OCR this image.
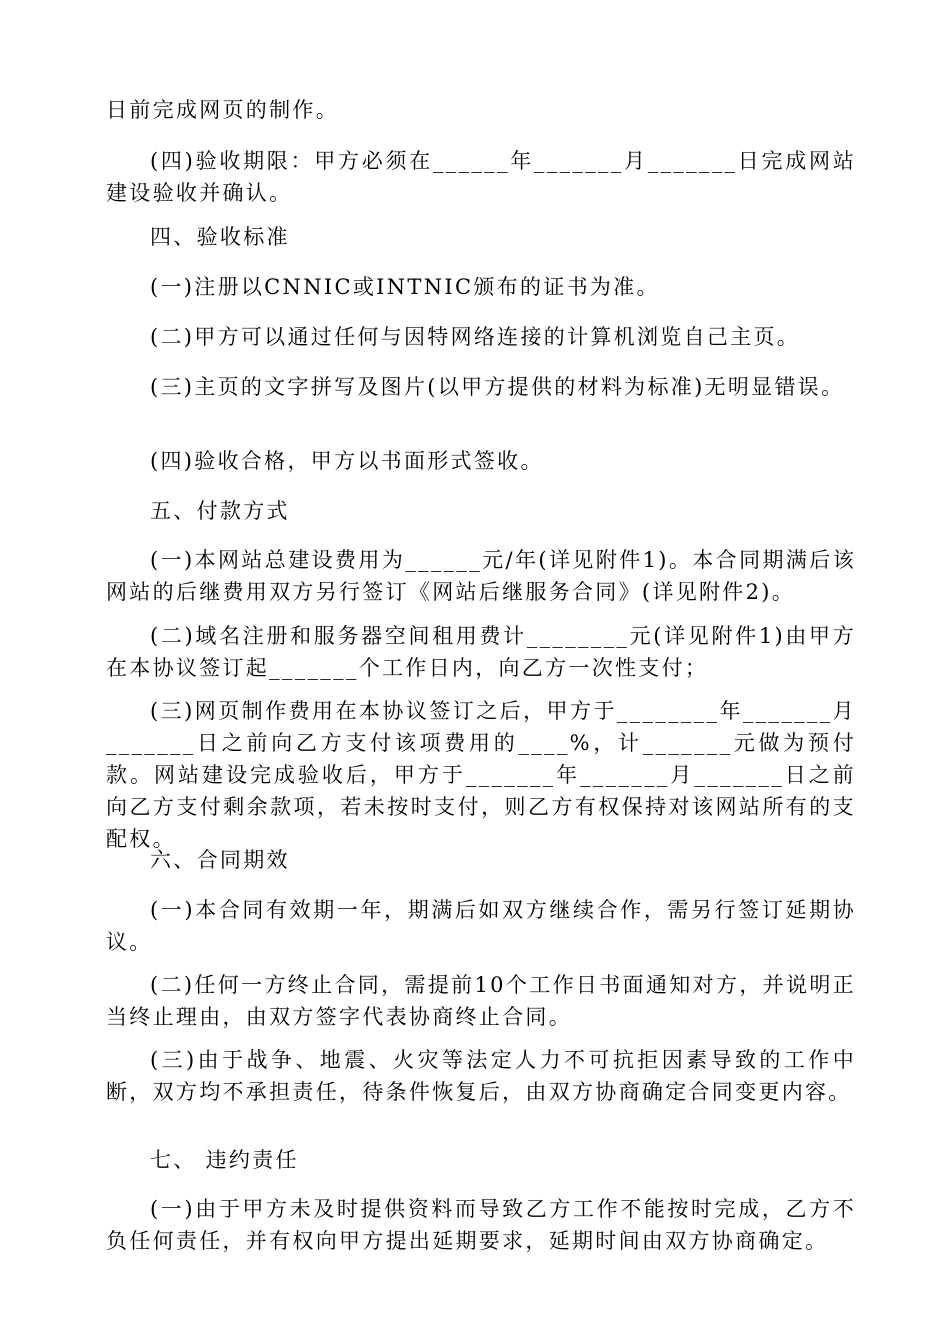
日前完成网页的制作。

(四)验收期限：甲方必须在______年_______月_______日完成网站建设验收并确认。

四、验收标准

(一)注册以CNNIC或INTNIC颁布的证书为准。

(二)甲方可以通过任何与因特网络连接的计算机浏览自己主页。

(三)主页的文字拼写及图片(以甲方提供的材料为标准)无明显错误。

(四)验收合格，甲方以书面形式签收。

五、付款方式

(一)本网站总建设费用为______元/年(详见附件1)。本合同期满后该网站的后继费用双方另行签订《网站后继服务合同》(详见附件2)。

(二)域名注册和服务器空间租用费计________元(详见附件1)由甲方在本协议签订起_______个工作日内，向乙方一次性支付；

(三)网页制作费用在本协议签订之后，甲方于________年_______月_______日之前向乙方支付该项费用的____%，计_______元做为预付款。网站建设完成验收后，甲方于_______年_______月_______日之前向乙方支付剩余款项，若未按时支付，则乙方有权保持对该网站所有的支配权。

六、合同期效

(一)本合同有效期一年，期满后如双方继续合作，需另行签订延期协议。

(二)任何一方终止合同，需提前10个工作日书面通知对方，并说明正当终止理由，由双方签字代表协商终止合同。

(三)由于战争、地震、火灾等法定人力不可抗拒因素导致的工作中断，双方均不承担责任，待条件恢复后，由双方协商确定合同变更内容。

七、 违约责任

(一)由于甲方未及时提供资料而导致乙方工作不能按时完成，乙方不负任何责任，并有权向甲方提出延期要求，延期时间由双方协商确定。
